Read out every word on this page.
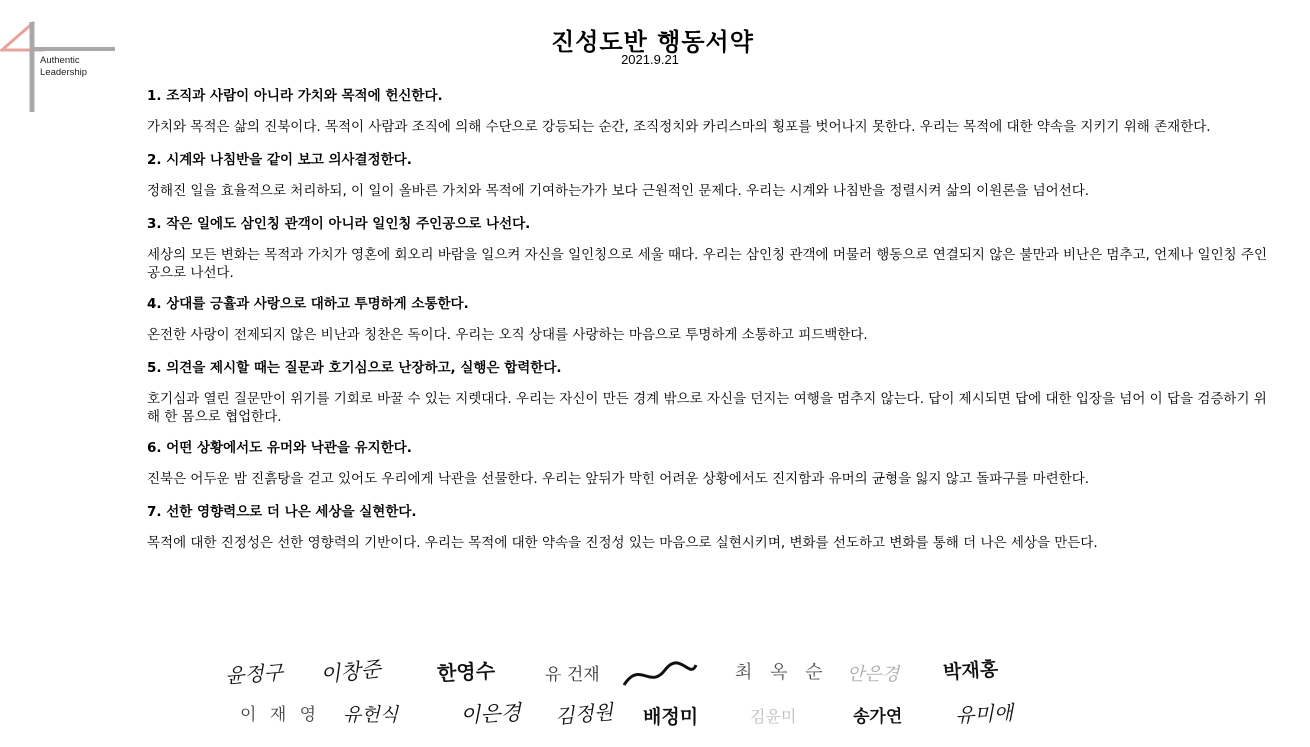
Authentic
Leadership
진성도반 행동서약
2021.9.21
1. 조직과 사람이 아니라 가치와 목적에 헌신한다.
가치와 목적은 삶의 진북이다. 목적이 사람과 조직에 의해 수단으로 강등되는 순간, 조직정치와 카리스마의 횡포를 벗어나지 못한다. 우리는 목적에 대한 약속을 지키기 위해 존재한다.
2. 시계와 나침반을 같이 보고 의사결정한다.
정해진 일을 효율적으로 처리하되, 이 일이 올바른 가치와 목적에 기여하는가가 보다 근원적인 문제다. 우리는 시계와 나침반을 정렬시켜 삶의 이원론을 넘어선다.
3. 작은 일에도 삼인칭 관객이 아니라 일인칭 주인공으로 나선다.
세상의 모든 변화는 목적과 가치가 영혼에 회오리 바람을 일으켜 자신을 일인칭으로 세울 때다. 우리는 삼인칭 관객에 머물러 행동으로 연결되지 않은 불만과 비난은 멈추고, 언제나 일인칭 주인공으로 나선다.
4. 상대를 긍휼과 사랑으로 대하고 투명하게 소통한다.
온전한 사랑이 전제되지 않은 비난과 칭찬은 독이다. 우리는 오직 상대를 사랑하는 마음으로 투명하게 소통하고 피드백한다.
5. 의견을 제시할 때는 질문과 호기심으로 난장하고, 실행은 합력한다.
호기심과 열린 질문만이 위기를 기회로 바꿀 수 있는 지렛대다. 우리는 자신이 만든 경계 밖으로 자신을 던지는 여행을 멈추지 않는다. 답이 제시되면 답에 대한 입장을 넘어 이 답을 검증하기 위해 한 몸으로 협업한다.
6. 어떤 상황에서도 유머와 낙관을 유지한다.
진북은 어두운 밤 진흙탕을 걷고 있어도 우리에게 낙관을 선물한다. 우리는 앞뒤가 막힌 어려운 상황에서도 진지함과 유머의 균형을 잃지 않고 돌파구를 마련한다.
7. 선한 영향력으로 더 나은 세상을 실현한다.
목적에 대한 진정성은 선한 영향력의 기반이다. 우리는 목적에 대한 약속을 진정성 있는 마음으로 실현시키며, 변화를 선도하고 변화를 통해 더 나은 세상을 만든다.
윤정구 이창준	한영수	유 건재	최 옥 순 안은경 박재홍
이 재 영 유헌식	이은경 김정원 배정미	김윤미	송가연	유미애
